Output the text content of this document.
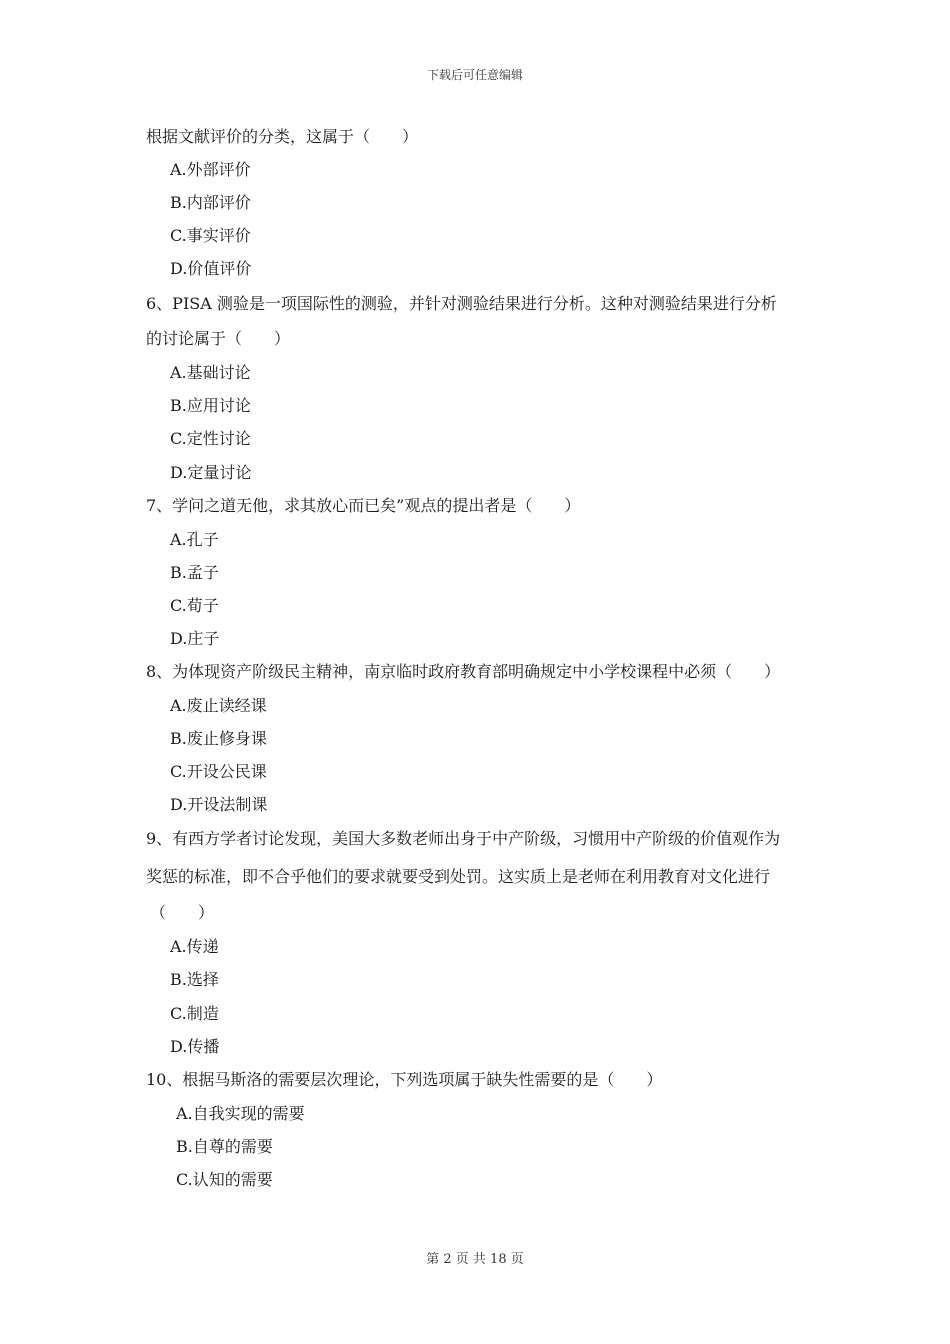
下载后可任意编辑
根据文献评价的分类，这属于（　　）
A.外部评价
B.内部评价
C.事实评价
D.价值评价
6、PISA 测验是一项国际性的测验，并针对测验结果进行分析。这种对测验结果进行分析
的讨论属于（　　）
A.基础讨论
B.应用讨论
C.定性讨论
D.定量讨论
7、学问之道无他，求其放心而已矣”观点的提出者是（　　）
A.孔子
B.孟子
C.荀子
D.庄子
8、为体现资产阶级民主精神，南京临时政府教育部明确规定中小学校课程中必须（　　）
A.废止读经课
B.废止修身课
C.开设公民课
D.开设法制课
9、有西方学者讨论发现，美国大多数老师出身于中产阶级，习惯用中产阶级的价值观作为
奖惩的标准，即不合乎他们的要求就要受到处罚。这实质上是老师在利用教育对文化进行
（　　）
A.传递
B.选择
C.制造
D.传播
10、根据马斯洛的需要层次理论，下列选项属于缺失性需要的是（　　）
A.自我实现的需要
B.自尊的需要
C.认知的需要
第 2 页 共 18 页
